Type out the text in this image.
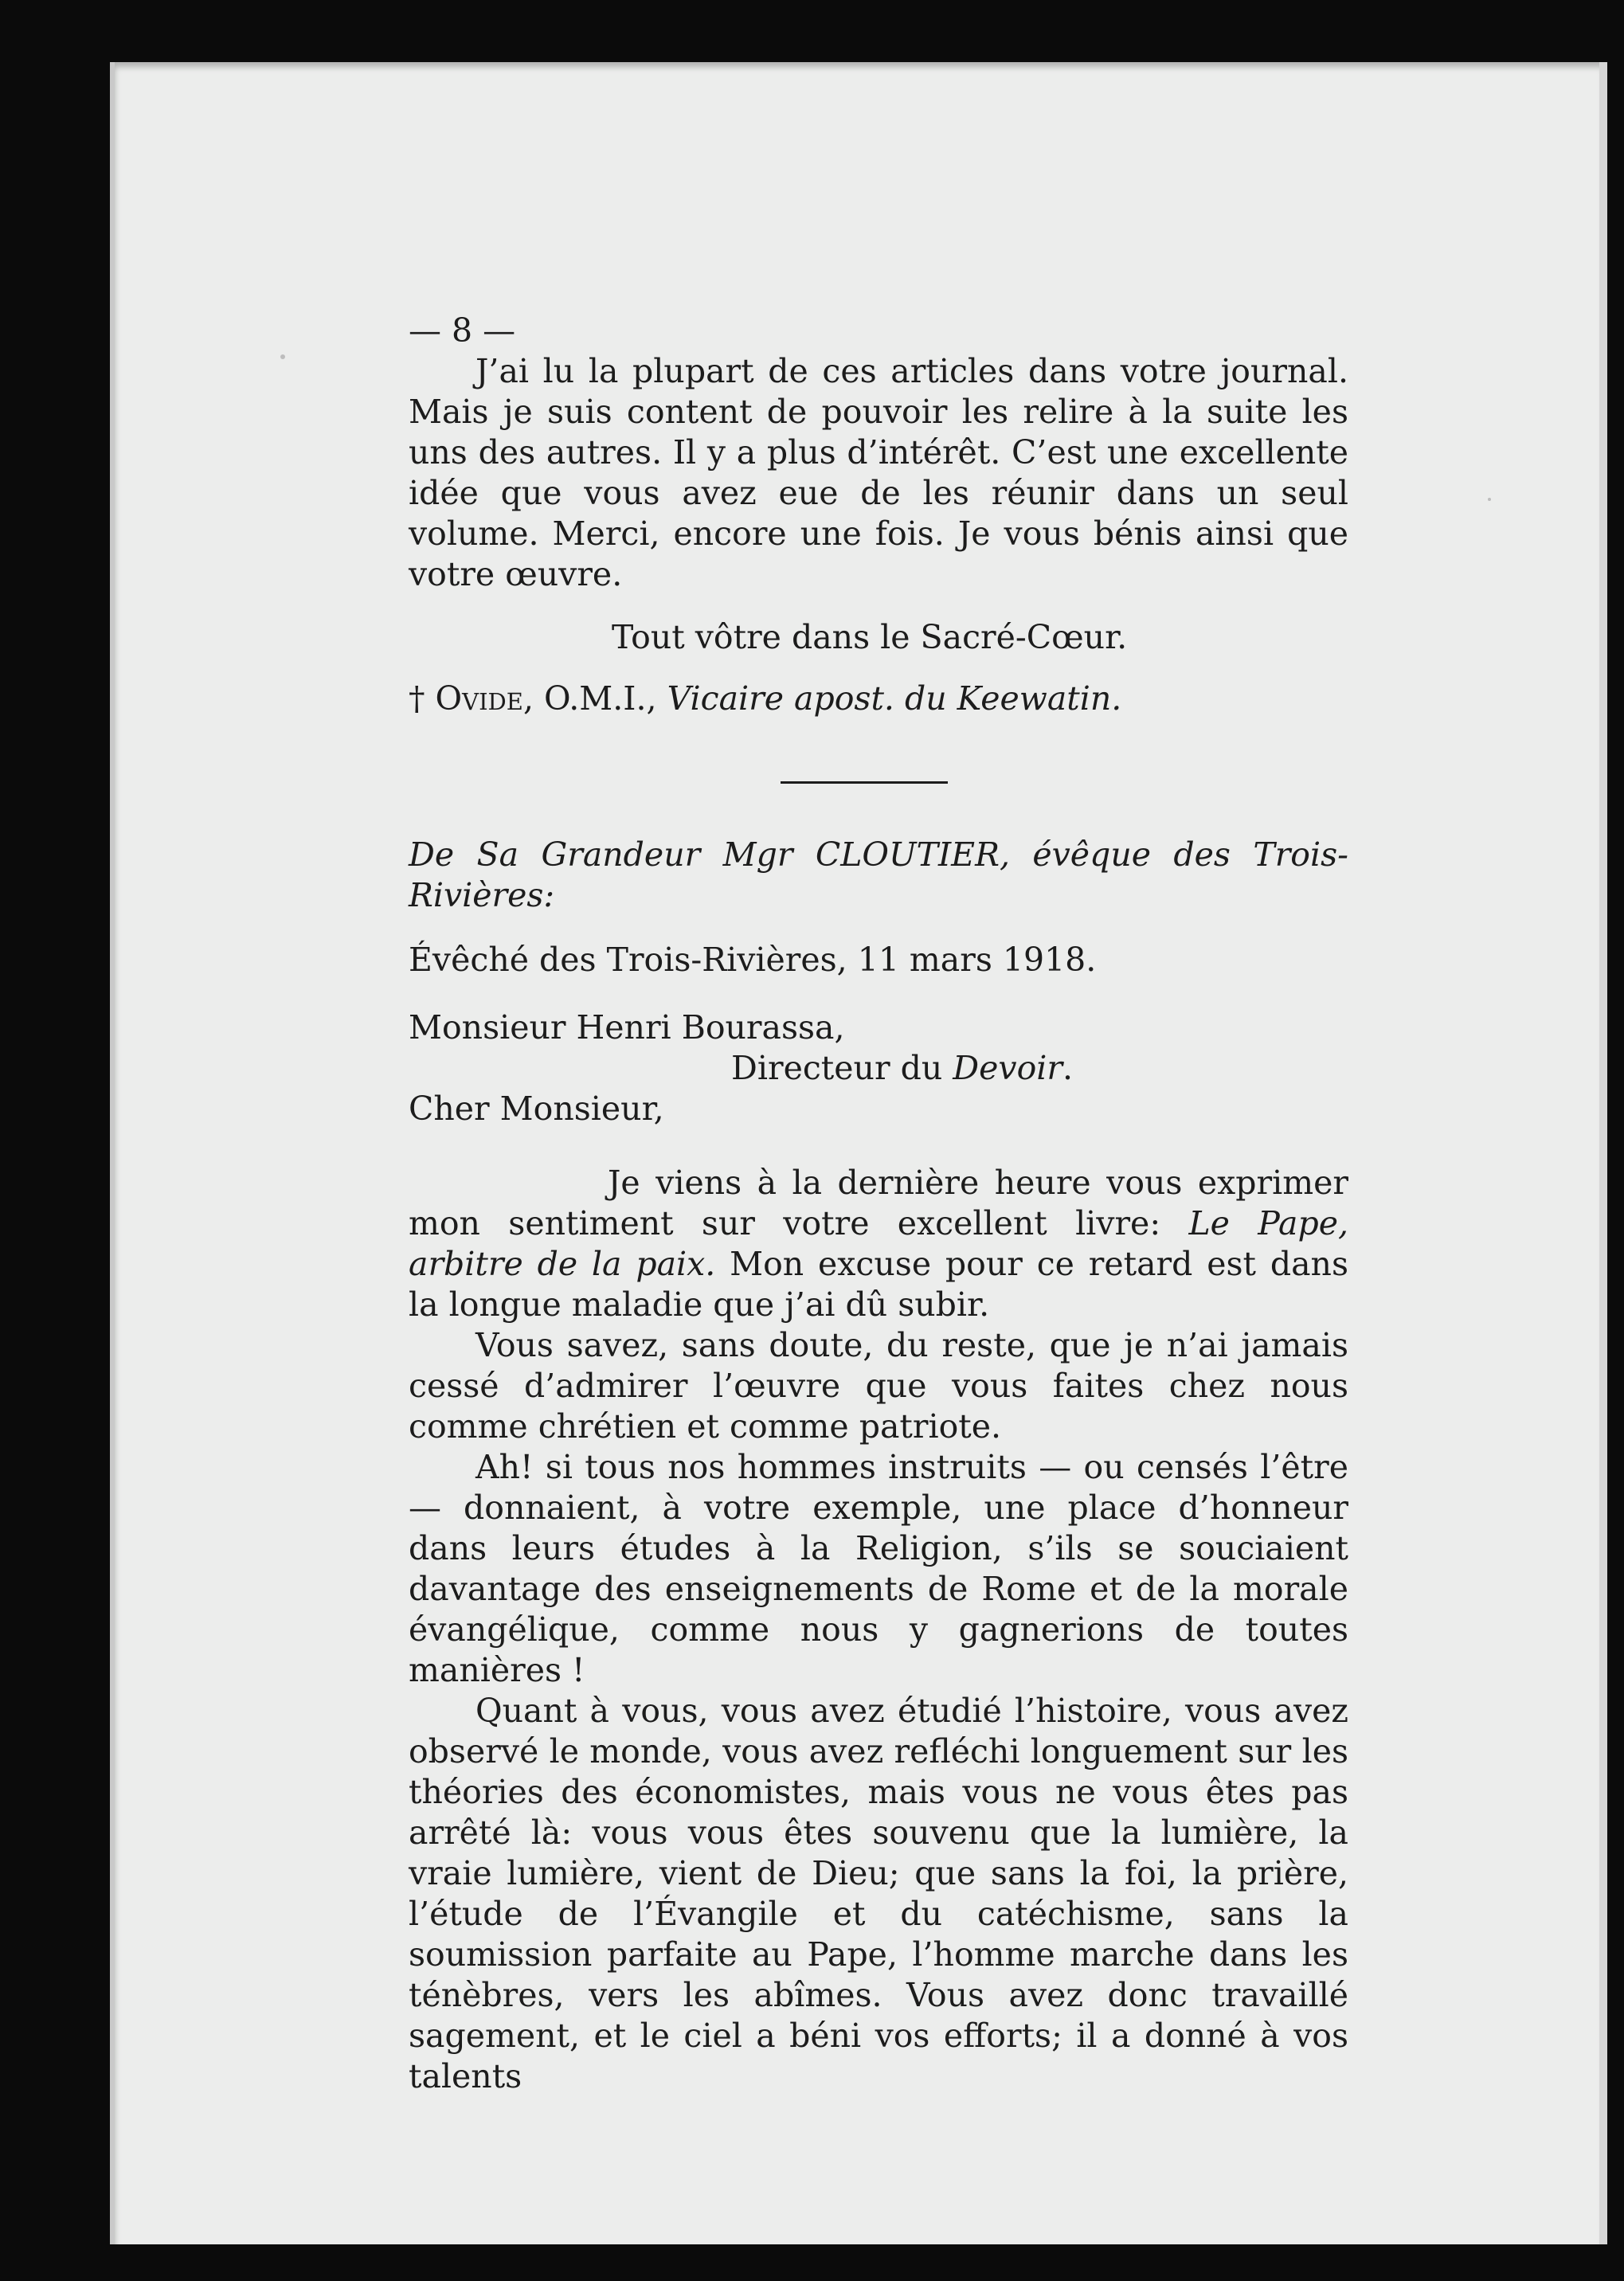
— 8 —

J’ai lu la plupart de ces articles dans votre journal. Mais je suis content de pouvoir les relire à la suite les uns des autres. Il y a plus d’intérêt. C’est une excellente idée que vous avez eue de les réunir dans un seul volume. Merci, encore une fois. Je vous bénis ainsi que votre œuvre.

Tout vôtre dans le Sacré-Cœur.

† Ovide, O.M.I., Vicaire apost. du Keewatin.

De Sa Grandeur Mgr CLOUTIER, évêque des Trois-Rivières:

Évêché des Trois-Rivières, 11 mars 1918.

Monsieur Henri Bourassa,

Directeur du Devoir.

Cher Monsieur,

Je viens à la dernière heure vous exprimer mon sentiment sur votre excellent livre: Le Pape, arbitre de la paix. Mon excuse pour ce retard est dans la longue maladie que j’ai dû subir.

Vous savez, sans doute, du reste, que je n’ai jamais cessé d’admirer l’œuvre que vous faites chez nous comme chrétien et comme patriote.

Ah! si tous nos hommes instruits — ou censés l’être — donnaient, à votre exemple, une place d’honneur dans leurs études à la Religion, s’ils se souciaient davantage des enseignements de Rome et de la morale évangélique, comme nous y gagnerions de toutes manières !

Quant à vous, vous avez étudié l’histoire, vous avez observé le monde, vous avez refléchi longuement sur les théories des économistes, mais vous ne vous êtes pas arrêté là: vous vous êtes souvenu que la lumière, la vraie lumière, vient de Dieu; que sans la foi, la prière, l’étude de l’Évangile et du catéchisme, sans la soumission parfaite au Pape, l’homme marche dans les ténèbres, vers les abîmes. Vous avez donc travaillé sagement, et le ciel a béni vos efforts; il a donné à vos talents
